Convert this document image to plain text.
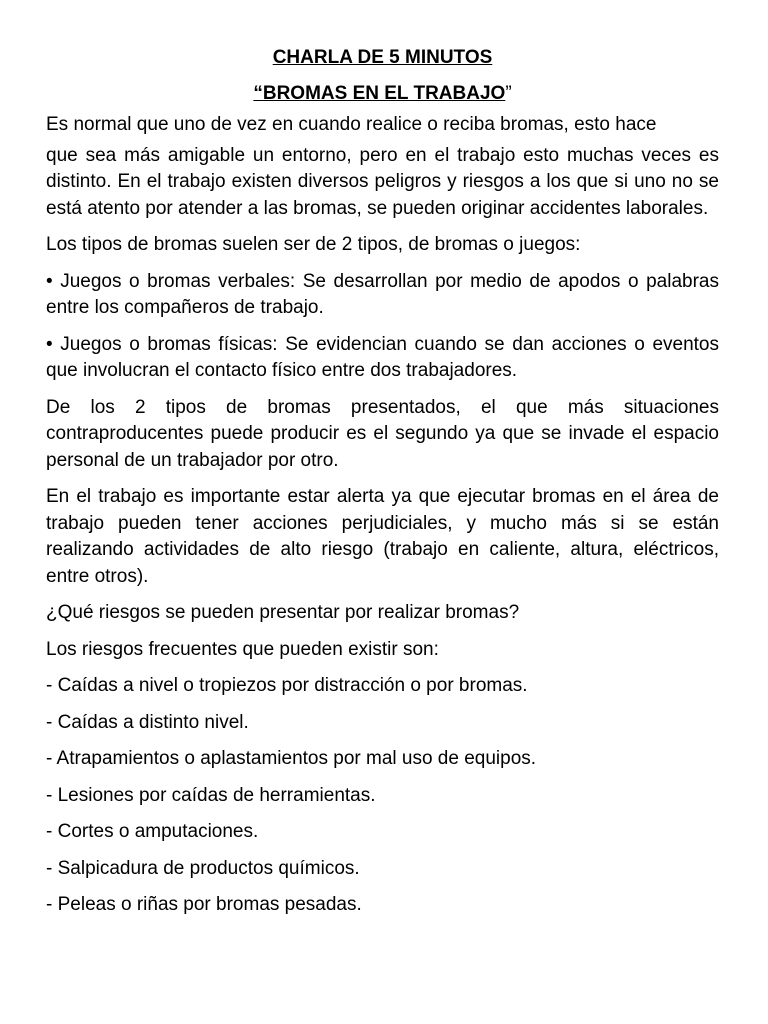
CHARLA DE 5 MINUTOS
“BROMAS EN EL TRABAJO”

Es normal que uno de vez en cuando realice o reciba bromas, esto hace

que sea más amigable un entorno, pero en el trabajo esto muchas veces es distinto. En el trabajo existen diversos peligros y riesgos a los que si uno no se está atento por atender a las bromas, se pueden originar accidentes laborales.

Los tipos de bromas suelen ser de 2 tipos, de bromas o juegos:

• Juegos o bromas verbales: Se desarrollan por medio de apodos o palabras entre los compañeros de trabajo.

• Juegos o bromas físicas: Se evidencian cuando se dan acciones o eventos que involucran el contacto físico entre dos trabajadores.

De los 2 tipos de bromas presentados, el que más situaciones contraproducentes puede producir es el segundo ya que se invade el espacio personal de un trabajador por otro.

En el trabajo es importante estar alerta ya que ejecutar bromas en el área de trabajo pueden tener acciones perjudiciales, y mucho más si se están realizando actividades de alto riesgo (trabajo en caliente, altura, eléctricos, entre otros).

¿Qué riesgos se pueden presentar por realizar bromas?

Los riesgos frecuentes que pueden existir son:

- Caídas a nivel o tropiezos por distracción o por bromas.
- Caídas a distinto nivel.
- Atrapamientos o aplastamientos por mal uso de equipos.
- Lesiones por caídas de herramientas.
- Cortes o amputaciones.
- Salpicadura de productos químicos.
- Peleas o riñas por bromas pesadas.
